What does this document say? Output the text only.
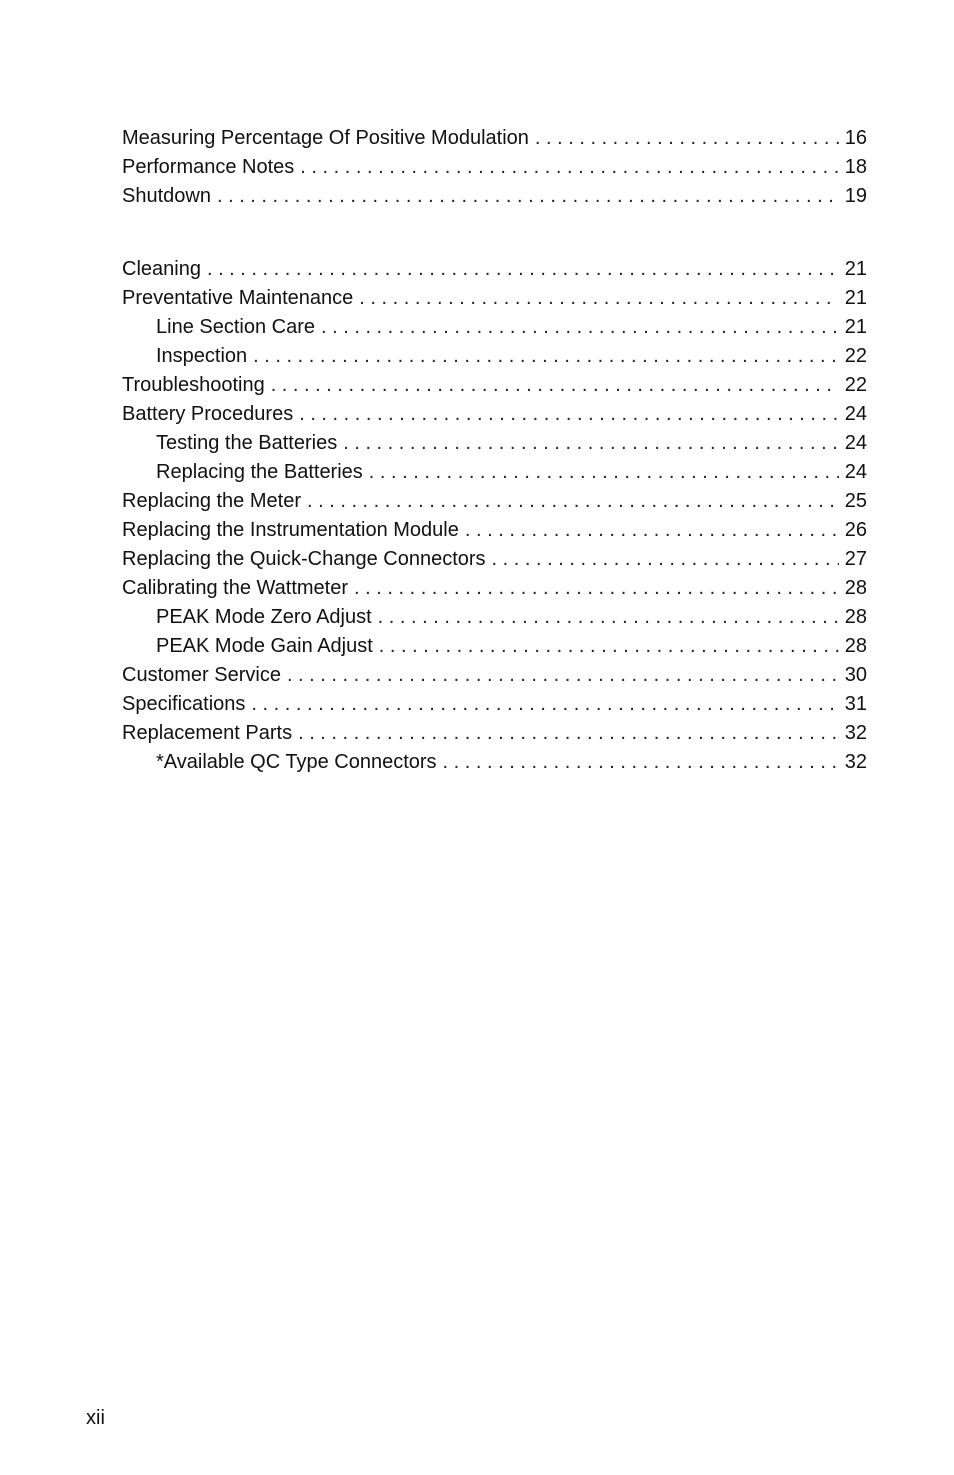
Measuring Percentage Of Positive Modulation . . .	16
Performance Notes . . .	18
Shutdown . . .	19
Cleaning . . .	21
Preventative Maintenance . . .	21
Line Section Care . . .	21
Inspection . . .	22
Troubleshooting . . .	22
Battery Procedures . . .	24
Testing the Batteries . . .	24
Replacing the Batteries . . .	24
Replacing the Meter . . .	25
Replacing the Instrumentation Module . . .	26
Replacing the Quick-Change Connectors . . .	27
Calibrating the Wattmeter . . .	28
PEAK Mode Zero Adjust . . .	28
PEAK Mode Gain Adjust . . .	28
Customer Service . . .	30
Specifications . . .	31
Replacement Parts . . .	32
*Available QC Type Connectors . . .	32
xii
